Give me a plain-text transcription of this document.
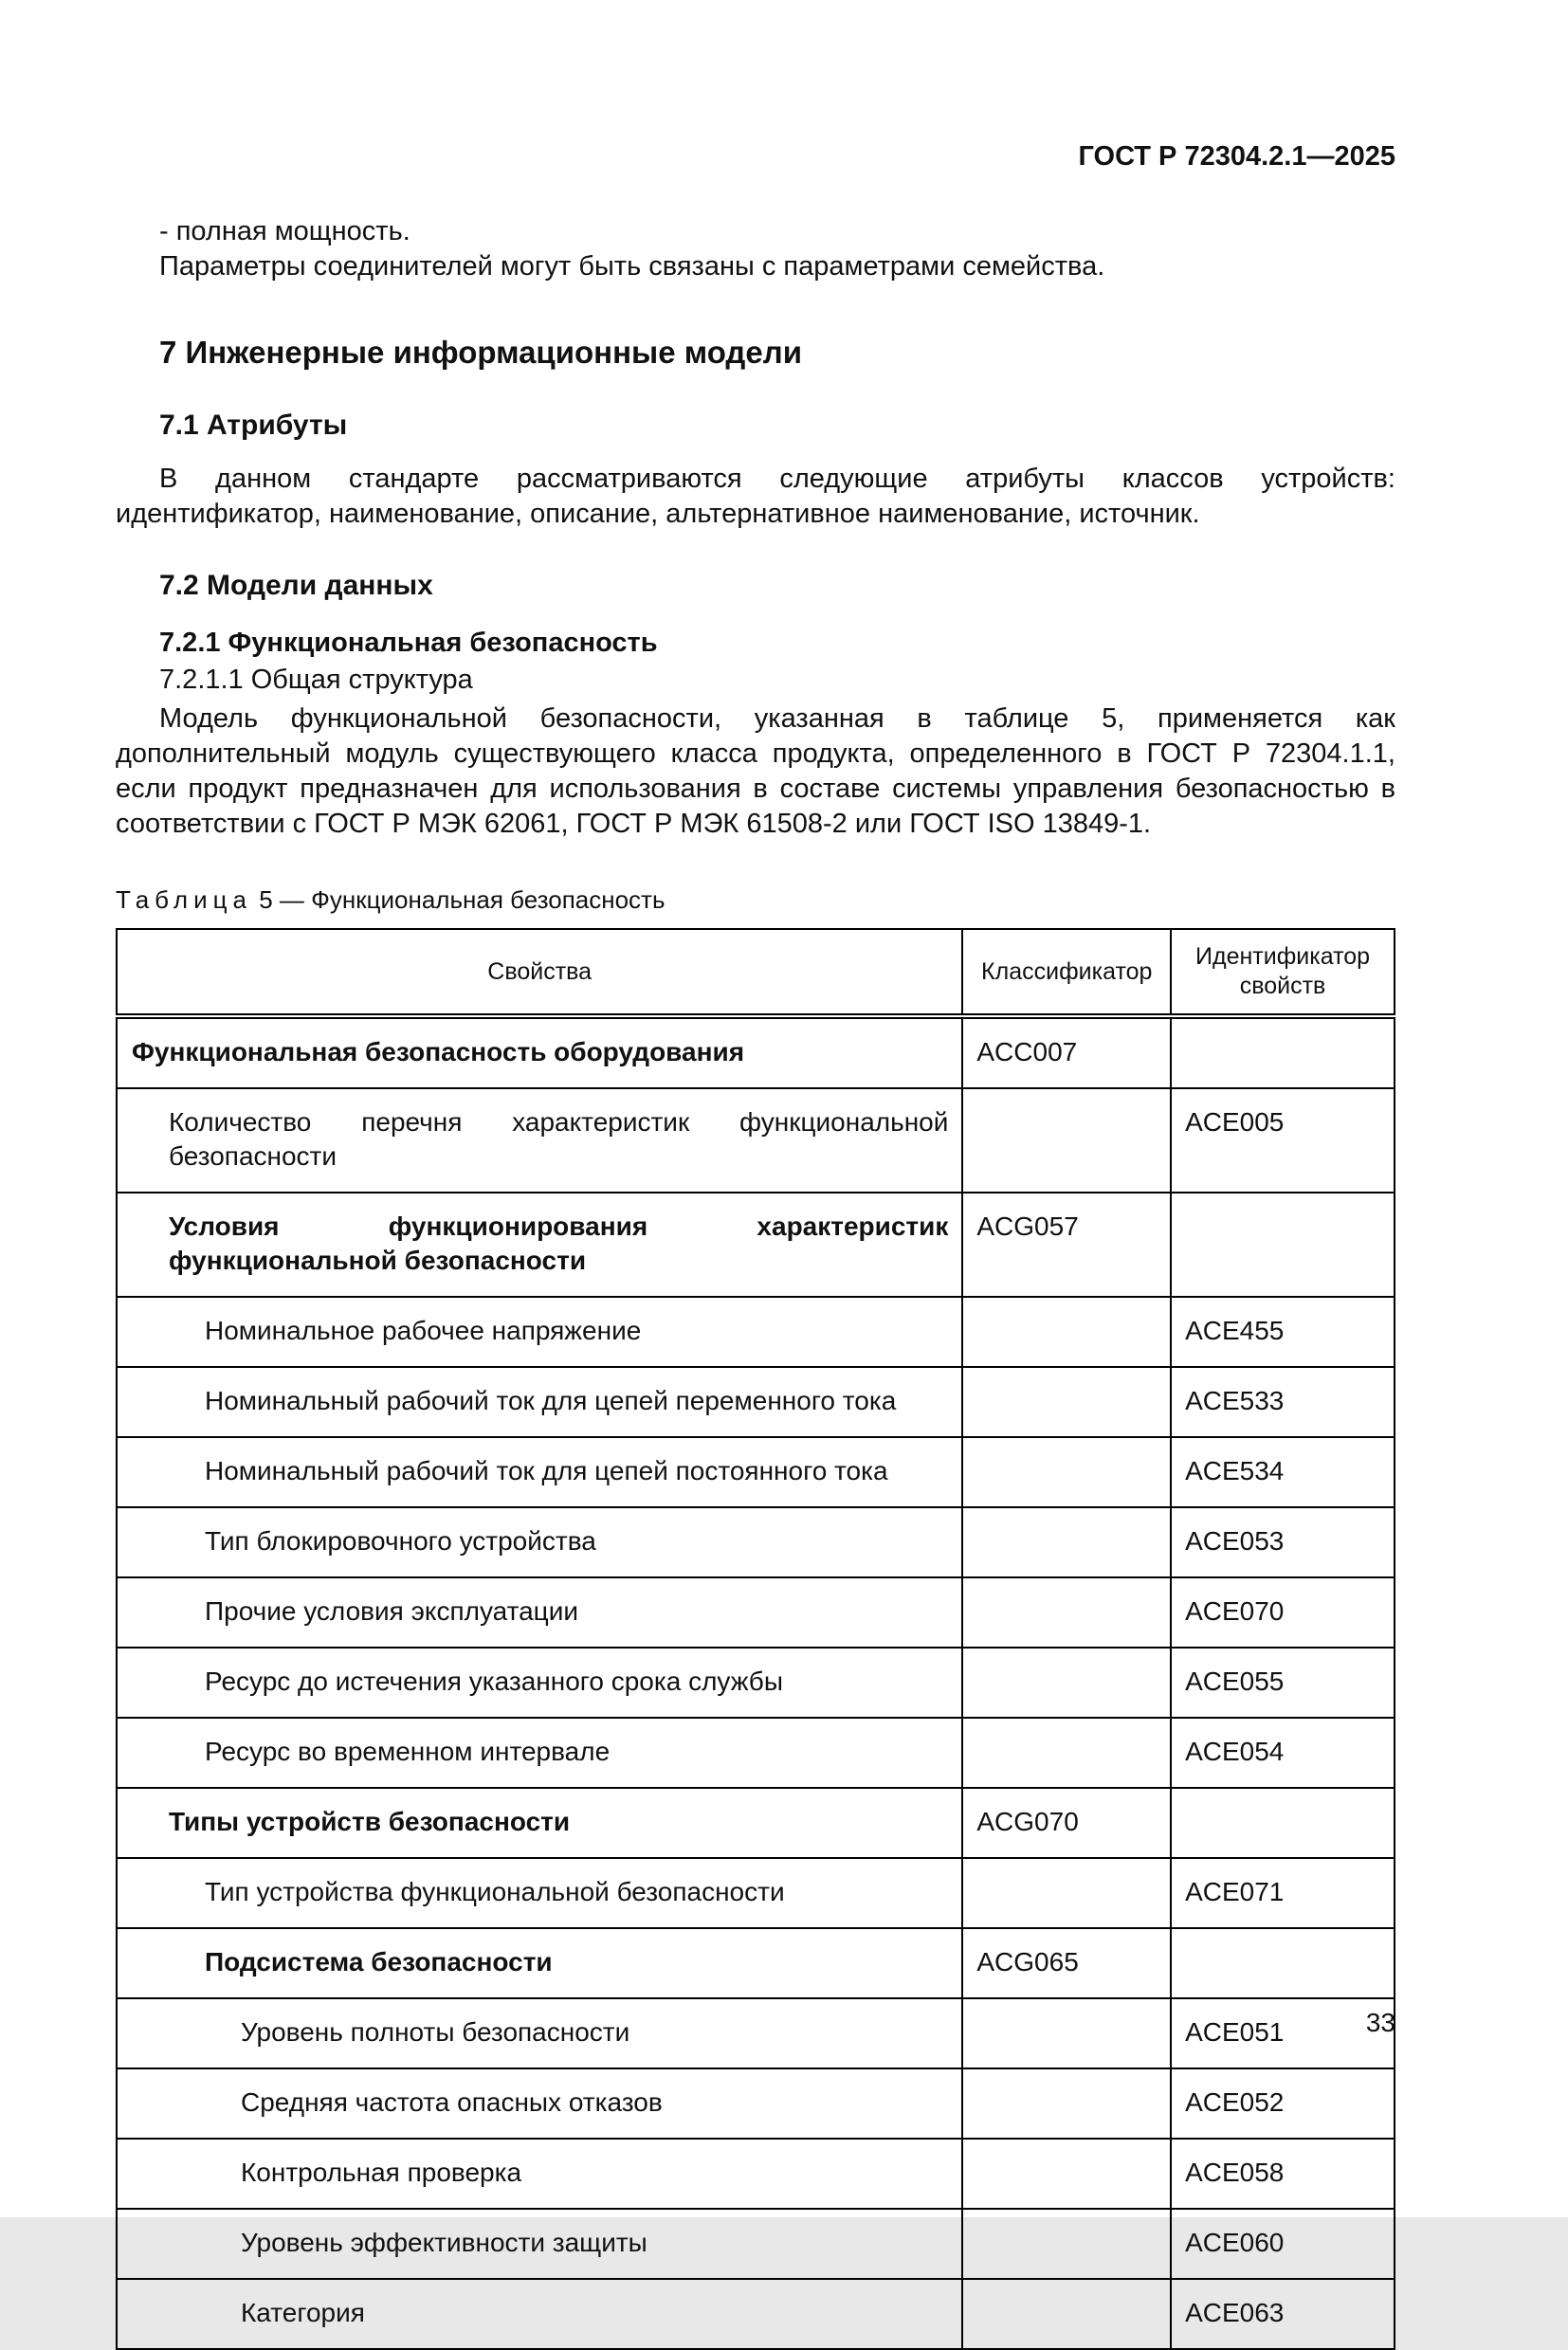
ГОСТ Р 72304.2.1—2025

- полная мощность.

Параметры соединителей могут быть связаны с параметрами семейства.

7 Инженерные информационные модели
7.1 Атрибуты

В данном стандарте рассматриваются следующие атрибуты классов устройств: идентификатор, наименование, описание, альтернативное наименование, источник.

7.2 Модели данных
7.2.1 Функциональная безопасность

7.2.1.1 Общая структура

Модель функциональной безопасности, указанная в таблице 5, применяется как дополнительный модуль существующего класса продукта, определенного в ГОСТ Р 72304.1.1, если продукт предназначен для использования в составе системы управления безопасностью в соответствии с ГОСТ Р МЭК 62061, ГОСТ Р МЭК 61508-2 или ГОСТ ISO 13849-1.

Таблица 5 — Функциональная безопасность
Свойства	Классификатор	Идентификатор свойств
Функциональная безопасность оборудования	ACC007	
Количество перечня характеристик функциональной безопасности		ACE005
Условия функционирования характеристик функциональной безопасности	ACG057	
Номинальное рабочее напряжение		ACE455
Номинальный рабочий ток для цепей переменного тока		ACE533
Номинальный рабочий ток для цепей постоянного тока		ACE534
Тип блокировочного устройства		ACE053
Прочие условия эксплуатации		ACE070
Ресурс до истечения указанного срока службы		ACE055
Ресурс во временном интервале		ACE054
Типы устройств безопасности	ACG070	
Тип устройства функциональной безопасности		ACE071
Подсистема безопасности	ACG065	
Уровень полноты безопасности		ACE051
Средняя частота опасных отказов		ACE052
Контрольная проверка		ACE058
Уровень эффективности защиты		ACE060
Категория		ACE063
33
